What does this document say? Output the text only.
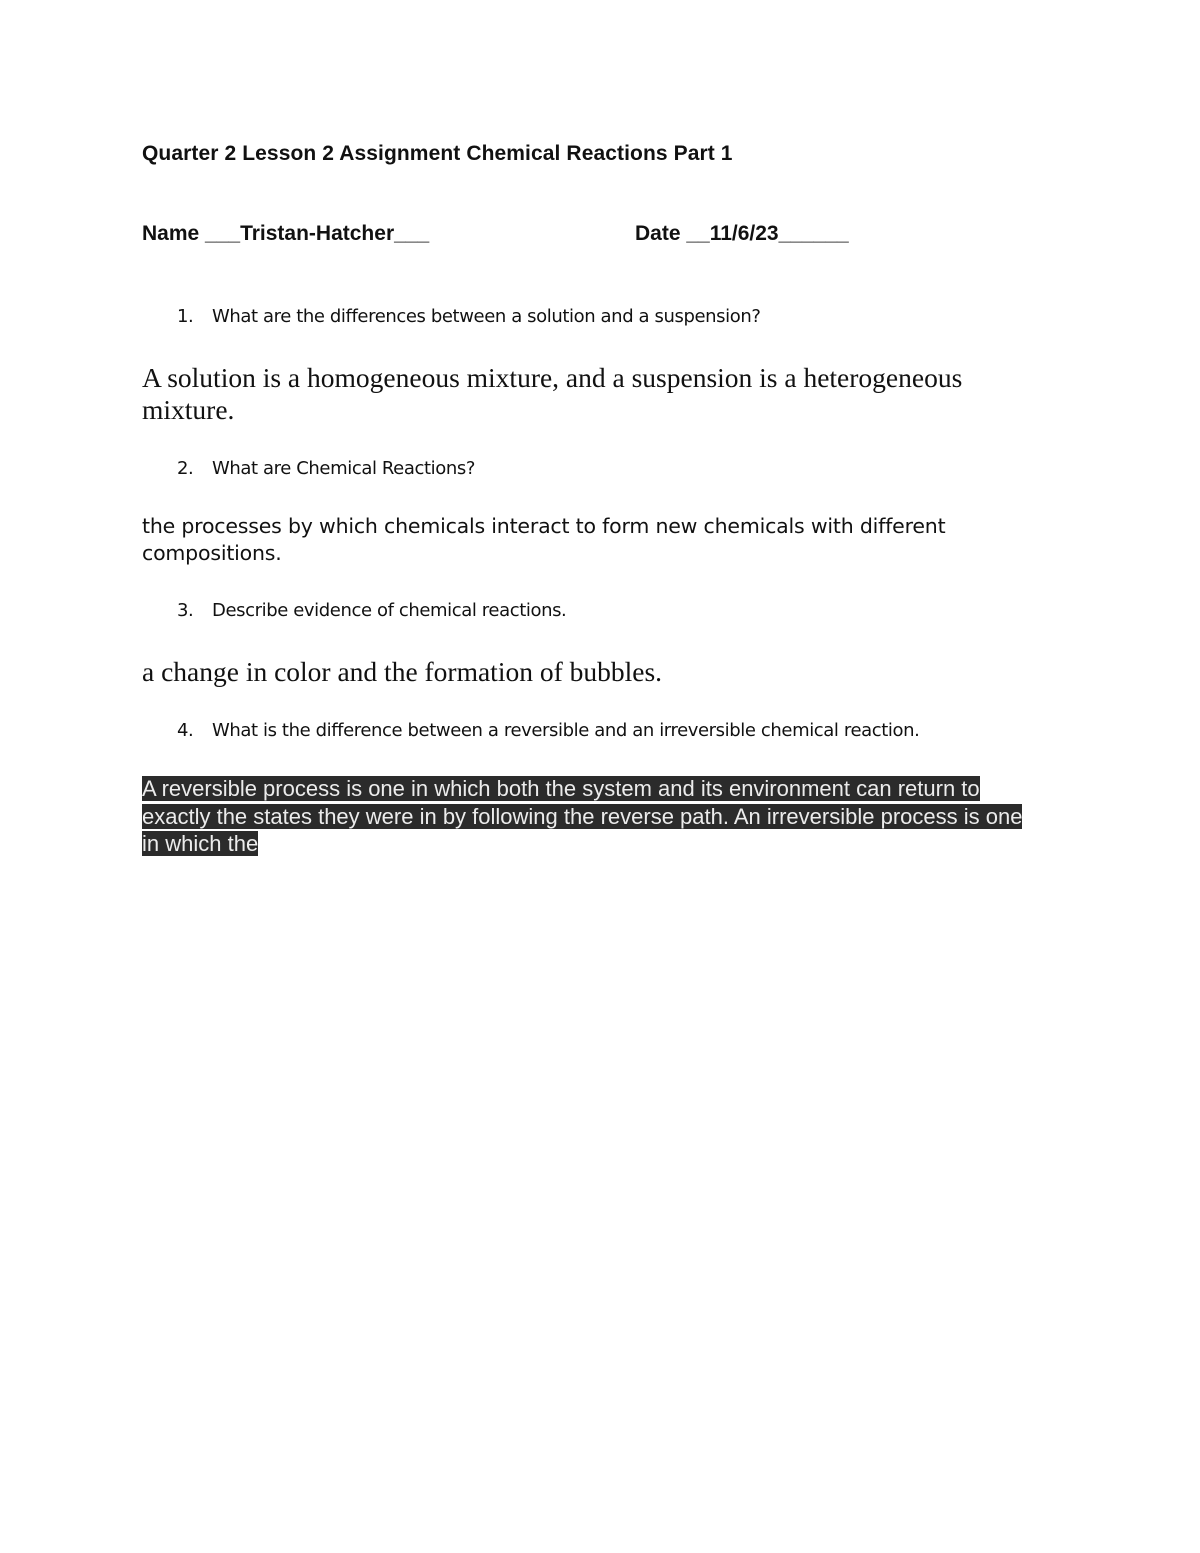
Quarter 2 Lesson 2 Assignment Chemical Reactions Part 1
Name ___Tristan-Hatcher___	Date __11/6/23______
1. What are the differences between a solution and a suspension?
A solution is a homogeneous mixture, and a suspension is a heterogeneous mixture.
2. What are Chemical Reactions?
the processes by which chemicals interact to form new chemicals with different compositions.
3. Describe evidence of chemical reactions.
a change in color and the formation of bubbles.
4. What is the difference between a reversible and an irreversible chemical reaction.
A reversible process is one in which both the system and its environment can return to exactly the states they were in by following the reverse path. An irreversible process is one in which the
